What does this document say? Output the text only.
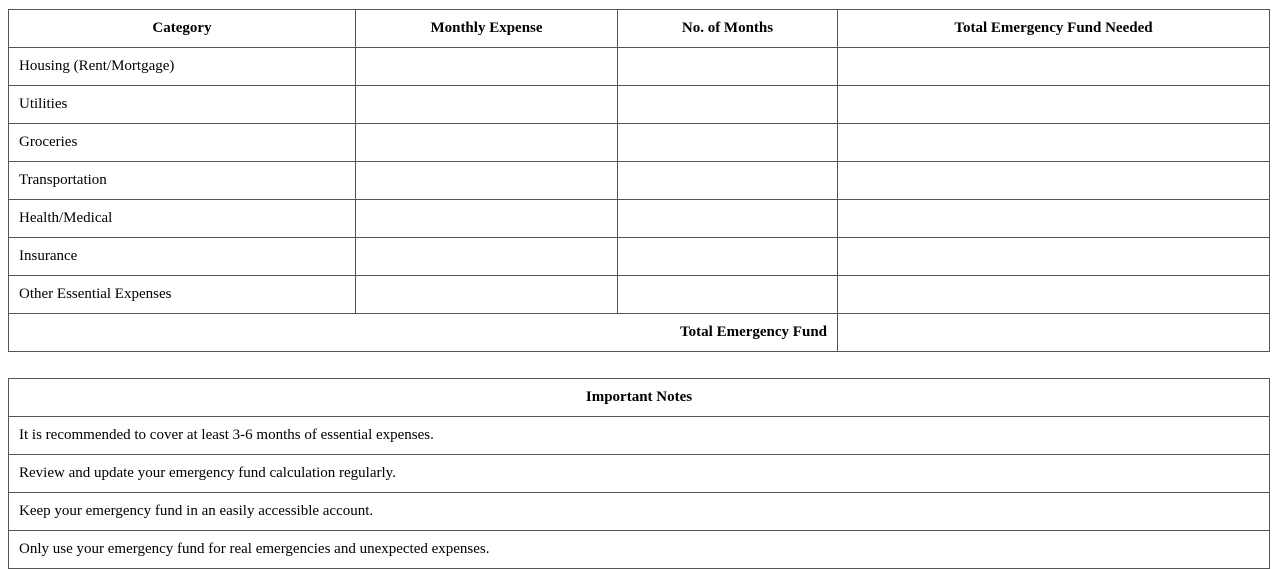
Category	Monthly Expense	No. of Months	Total Emergency Fund Needed
Housing (Rent/Mortgage)			
Utilities			
Groceries			
Transportation			
Health/Medical			
Insurance			
Other Essential Expenses			
Total Emergency Fund			
Important Notes
It is recommended to cover at least 3-6 months of essential expenses.
Review and update your emergency fund calculation regularly.
Keep your emergency fund in an easily accessible account.
Only use your emergency fund for real emergencies and unexpected expenses.
